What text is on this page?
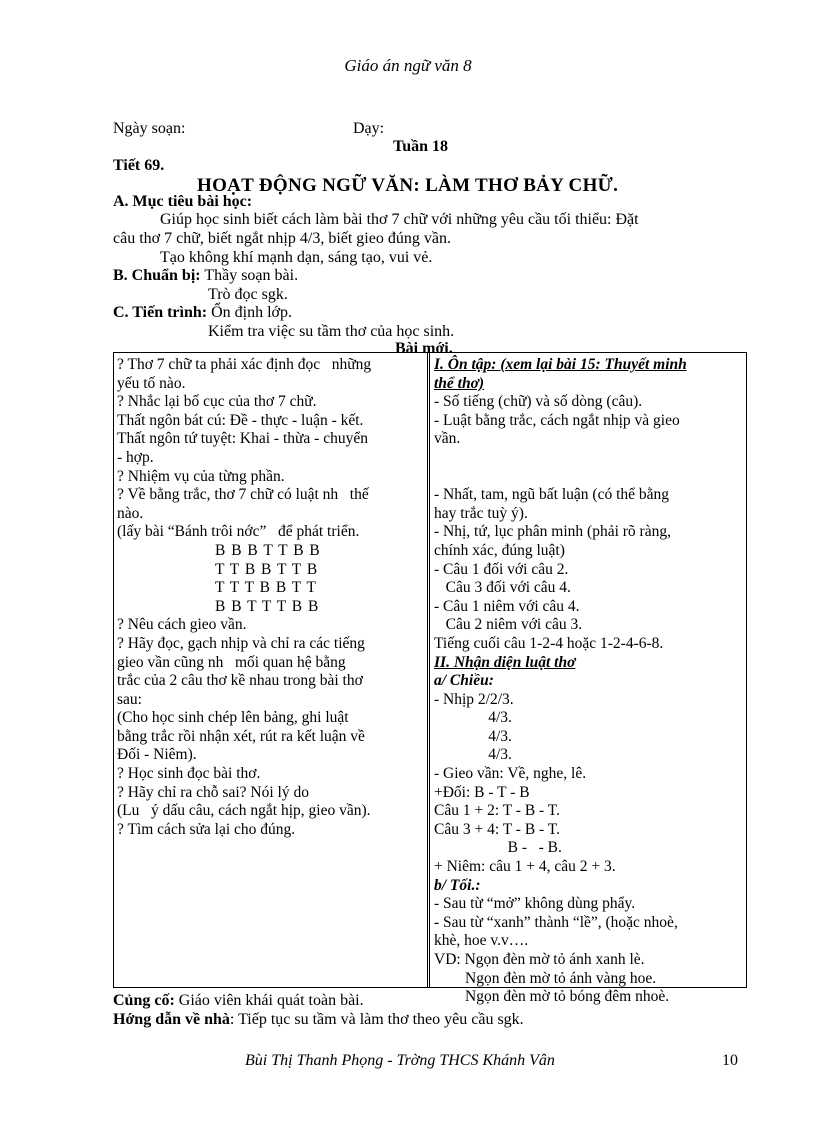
Giáo án ngữ văn 8
Ngày soạn:	Dạy:
Tuần 18
Tiết 69.
HOẠT ĐỘNG NGỮ VĂN: LÀM THƠ BẢY CHỮ.
A. Mục tiêu bài học:
Giúp học sinh biết cách làm bài thơ 7 chữ với những yêu cầu tối thiểu: Đặt
câu thơ 7 chữ, biết ngắt nhịp 4/3, biết gieo đúng vần.
Tạo không khí mạnh dạn, sáng tạo, vui vẻ.
B. Chuẩn bị: Thầy soạn bài.
Trò đọc sgk.
C. Tiến trình: Ổn định lớp.
Kiểm tra việc su tầm thơ của học sinh.
Bài mới.
? Thơ 7 chữ ta phải xác định đọc   những
yếu tố nào.
? Nhắc lại bố cục của thơ 7 chữ.
Thất ngôn bát cú: Đề - thực - luận - kết.
Thất ngôn tứ tuyệt: Khai - thừa - chuyển
- hợp.
? Nhiệm vụ của từng phần.
? Về bằng trắc, thơ 7 chữ có luật nh   thế
nào.
(lấy bài “Bánh trôi nớc”   để phát triển.
B B B T T B B
T T B B T T B
T T T B B T T
B B T T T B B
? Nêu cách gieo vần.
? Hãy đọc, gạch nhịp và chỉ ra các tiếng
gieo vần cũng nh   mối quan hệ bằng
trắc của 2 câu thơ kề nhau trong bài thơ
sau:
(Cho học sinh chép lên bảng, ghi luật
bằng trắc rồi nhận xét, rút ra kết luận về
Đối - Niêm).
? Học sinh đọc bài thơ.
? Hãy chỉ ra chỗ sai? Nói lý do
(Lu   ý dấu câu, cách ngắt hịp, gieo vần).
? Tìm cách sửa lại cho đúng.
I. Ôn tập: (xem lại bài 15: Thuyết minh
thể thơ)
- Số tiếng (chữ) và số dòng (câu).
- Luật bằng trắc, cách ngắt nhịp và gieo
vần.
- Nhất, tam, ngũ bất luận (có thể bằng
hay trắc tuỳ ý).
- Nhị, tứ, lục phân minh (phải rõ ràng,
chính xác, đúng luật)
- Câu 1 đối với câu 2.
Câu 3 đối với câu 4.
- Câu 1 niêm với câu 4.
Câu 2 niêm với câu 3.
Tiếng cuối câu 1-2-4 hoặc 1-2-4-6-8.
II. Nhận diện luật thơ
a/ Chiều:
- Nhịp 2/2/3.
4/3.
4/3.
4/3.
- Gieo vần: Về, nghe, lê.
+Đối: B - T - B
Câu 1 + 2: T - B - T.
Câu 3 + 4: T - B - T.
B -   - B.
+ Niêm: câu 1 + 4, câu 2 + 3.
b/ Tối.:
- Sau từ “mở” không dùng phẩy.
- Sau từ “xanh” thành “lề”, (hoặc nhoè,
khè, hoe v.v….
VD: Ngọn đèn mờ tỏ ánh xanh lè.
Ngọn đèn mờ tỏ ánh vàng hoe.
Ngọn đèn mờ tỏ bóng đêm nhoè.
Củng cố: Giáo viên khái quát toàn bài.
Hớng dẫn về nhà: Tiếp tục su tầm và làm thơ theo yêu cầu sgk.
Bùi Thị Thanh Phọng - Trờng THCS Khánh Vân	10
